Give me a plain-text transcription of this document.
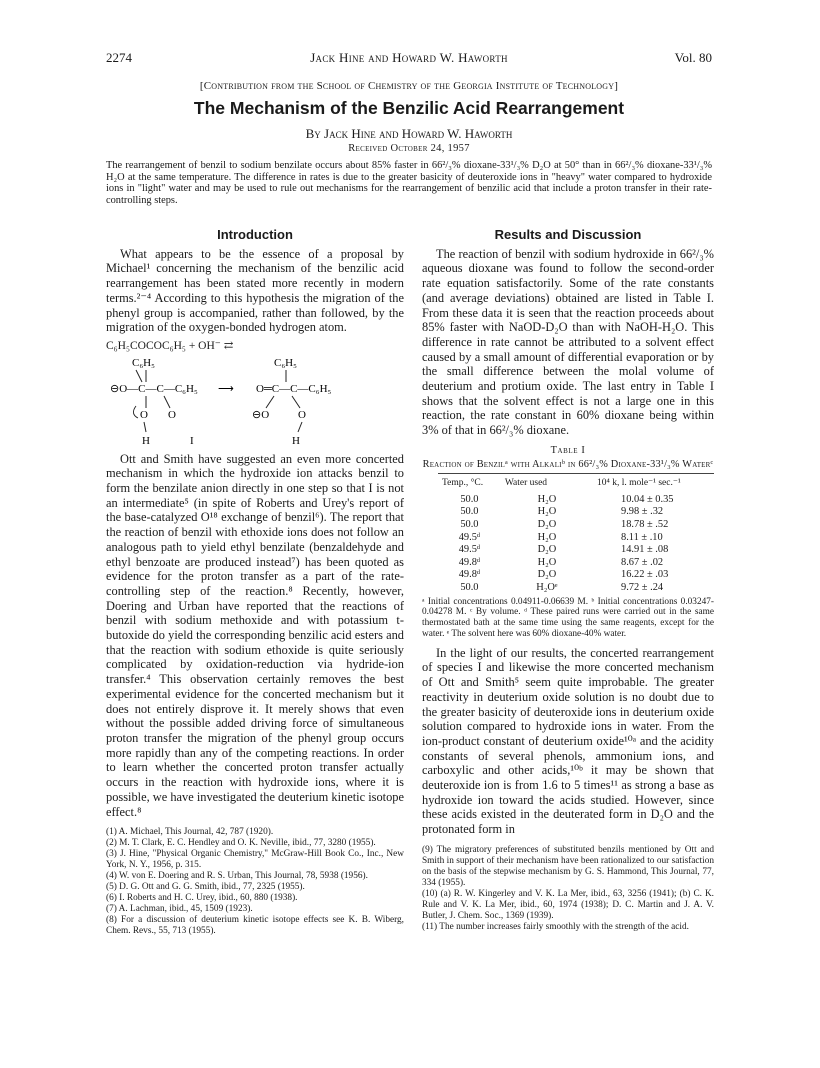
2274	Jack Hine and Howard W. Haworth	Vol. 80
[Contribution from the School of Chemistry of the Georgia Institute of Technology]
The Mechanism of the Benzilic Acid Rearrangement
By Jack Hine and Howard W. Haworth
Received October 24, 1957
The rearrangement of benzil to sodium benzilate occurs about 85% faster in 66²/₃% dioxane-33¹/₃% D₂O at 50° than in 66²/₃% dioxane-33¹/₃% H₂O at the same temperature. The difference in rates is due to the greater basicity of deuteroxide ions in "heavy" water compared to hydroxide ions in "light" water and may be used to rule out mechanisms for the rearrangement of benzilic acid that include a proton transfer in their rate-controlling steps.
Introduction

What appears to be the essence of a proposal by Michael¹ concerning the mechanism of the benzilic acid rearrangement has been stated more recently in modern terms.²⁻⁴ According to this hypothesis the migration of the phenyl group is accompanied, rather than followed, by the migration of the oxygen-bonded hydrogen atom.

C₆H₅COCOC₆H₅ + OH⁻ ⇄
C₆H₅
⊖O—C—C—C₆H₅ ⟶
C₆H₅
O═C—C—C₆H₅
O O
H	I
⊖O	O
H

Ott and Smith have suggested an even more concerted mechanism in which the hydroxide ion attacks benzil to form the benzilate anion directly in one step so that I is not an intermediate⁵ (in spite of Roberts and Urey's report of the base-catalyzed O¹⁸ exchange of benzil⁶). The report that the reaction of benzil with ethoxide ions does not follow an analogous path to yield ethyl benzilate (benzaldehyde and ethyl benzoate are produced instead⁷) has been quoted as evidence for the proton transfer as a part of the rate-controlling step of the reaction.⁸ Recently, however, Doering and Urban have reported that the reactions of benzil with sodium methoxide and with potassium t-butoxide do yield the corresponding benzilic acid esters and that the reaction with sodium ethoxide is quite seriously complicated by oxidation-reduction via hydride-ion transfer.⁴ This observation certainly removes the best experimental evidence for the concerted mechanism but it does not entirely disprove it. It merely shows that even without the possible added driving force of simultaneous proton transfer the migration of the phenyl group occurs more rapidly than any of the competing reactions. In order to learn whether the concerted proton transfer actually occurs in the reaction with hydroxide ions, where it is possible, we have investigated the deuterium kinetic isotope effect.⁸

(1) A. Michael, This Journal, 42, 787 (1920).

(2) M. T. Clark, E. C. Hendley and O. K. Neville, ibid., 77, 3280 (1955).

(3) J. Hine, "Physical Organic Chemistry," McGraw-Hill Book Co., Inc., New York, N. Y., 1956, p. 315.

(4) W. von E. Doering and R. S. Urban, This Journal, 78, 5938 (1956).

(5) D. G. Ott and G. G. Smith, ibid., 77, 2325 (1955).

(6) I. Roberts and H. C. Urey, ibid., 60, 880 (1938).

(7) A. Lachman, ibid., 45, 1509 (1923).

(8) For a discussion of deuterium kinetic isotope effects see K. B. Wiberg, Chem. Revs., 55, 713 (1955).

Results and Discussion

The reaction of benzil with sodium hydroxide in 66²/₃% aqueous dioxane was found to follow the second-order rate equation satisfactorily. Some of the rate constants (and average deviations) obtained are listed in Table I. From these data it is seen that the reaction proceeds about 85% faster with NaOD-D₂O than with NaOH-H₂O. This difference in rate cannot be attributed to a solvent effect caused by a small amount of differential evaporation or by the small difference between the molal volume of deuterium and protium oxide. The last entry in Table I shows that the solvent effect is not a large one in this reaction, the rate constant in 60% dioxane being within 3% of that in 66²/₃% dioxane.

Table I
Reaction of Benzilᵃ with Alkaliᵇ in 66²/₃% Dioxane-33¹/₃% Waterᶜ
Temp., °C.	Water used	10⁴ k, l. mole⁻¹ sec.⁻¹
50.0	H₂O	10.04 ± 0.35
50.0	H₂O	9.98 ± .32
50.0	D₂O	18.78 ± .52
49.5ᵈ	H₂O	8.11 ± .10
49.5ᵈ	D₂O	14.91 ± .08
49.8ᵈ	H₂O	8.67 ± .02
49.8ᵈ	D₂O	16.22 ± .03
50.0	H₂Oᵉ	9.72 ± .24
ᵃ Initial concentrations 0.04911-0.06639 M. ᵇ Initial concentrations 0.03247-0.04278 M. ᶜ By volume. ᵈ These paired runs were carried out in the same thermostated bath at the same time using the same reagents, except for the water. ᵉ The solvent here was 60% dioxane-40% water.

In the light of our results, the concerted rearrangement of species I and likewise the more concerted mechanism of Ott and Smith⁵ seem quite improbable. The greater reactivity in deuterium oxide solution is no doubt due to the greater basicity of deuteroxide ions in deuterium oxide solution compared to hydroxide ions in water. From the ion-product constant of deuterium oxide¹⁰ᵃ and the acidity constants of several phenols, ammonium ions, and carboxylic and other acids,¹⁰ᵇ it may be shown that deuteroxide ion is from 1.6 to 5 times¹¹ as strong a base as hydroxide ion toward the acids studied. However, since these acids existed in the deuterated form in D₂O and the protonated form in

(9) The migratory preferences of substituted benzils mentioned by Ott and Smith in support of their mechanism have been rationalized to our satisfaction on the basis of the stepwise mechanism by G. S. Hammond, This Journal, 77, 334 (1955).

(10) (a) R. W. Kingerley and V. K. La Mer, ibid., 63, 3256 (1941); (b) C. K. Rule and V. K. La Mer, ibid., 60, 1974 (1938); D. C. Martin and J. A. V. Butler, J. Chem. Soc., 1369 (1939).

(11) The number increases fairly smoothly with the strength of the acid.
